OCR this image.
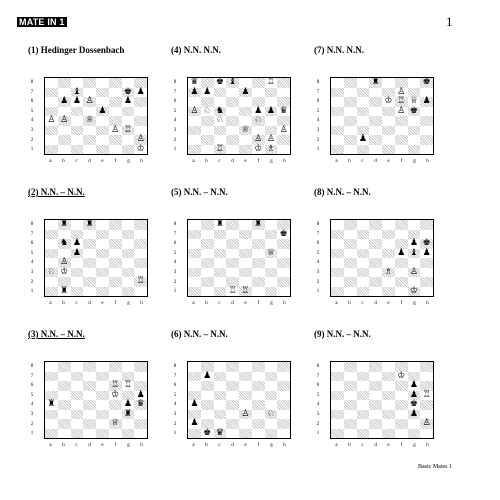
MATE IN 1	1
(1) Hedinger Dossenbach
8
7
6
5
4
3
2
1
♝	♚ ♟
♟ ♟ ♙	♟
♟
♙ ♙ ♕
♙ ♖
♙
♔
a	b	c	d	e	f	g	h
(4) N.N. N.N.
8
7
6
5
4
3
2
1
♛ ♚ ♝	♖
♟ ♟	♟
♙ ♘ ♞	♟ ♟ ♛
♘	♘
♕	♙
♙ ♙
♖	♔ ♗
a	b	c	d	e	f	g	h
(7) N.N. N.N.
8
7
6
5
4
3
2
1
♜	♚
♙
♔ ♖ ♕ ♟
♙ ♚
♟
a	b	c	d	e	f	g	h
(2) N.N. – N.N.
8
7
6
5
4
3
2
1
♜ ♜
♞ ♟
♟
♙
♘ ♔
♖
♜
a	b	c	d	e	f	g	h
(5) N.N. – N.N.
8
7
6
5
4
3
2
1
♜	♜
♚
♕
♖ ♖
a	b	c	d	e	f	g	h
(8) N.N. – N.N.
8
7
6
5
4
3
2
1
♟ ♚
♟ ♝ ♟
♗ ♙
♔
a	b	c	d	e	f	g	h
(3) N.N. – N.N.
8
7
6
5
4
3
2
1
♖ ♖
♔ ♟
♜	♟ ♛
♜
♕
a	b	c	d	e	f	g	h
(6) N.N. – N.N.
8
7
6
5
4
3
2
1
♟
♟
♙ ♘
♟
♚ ♛
a	b	c	d	e	f	g	h
(9) N.N. – N.N.
8
7
6
5
4
3
2
1
♔
♟
♟ ♖
♚
♟
♙
a	b	c	d	e	f	g	h
Basic Mates 1
